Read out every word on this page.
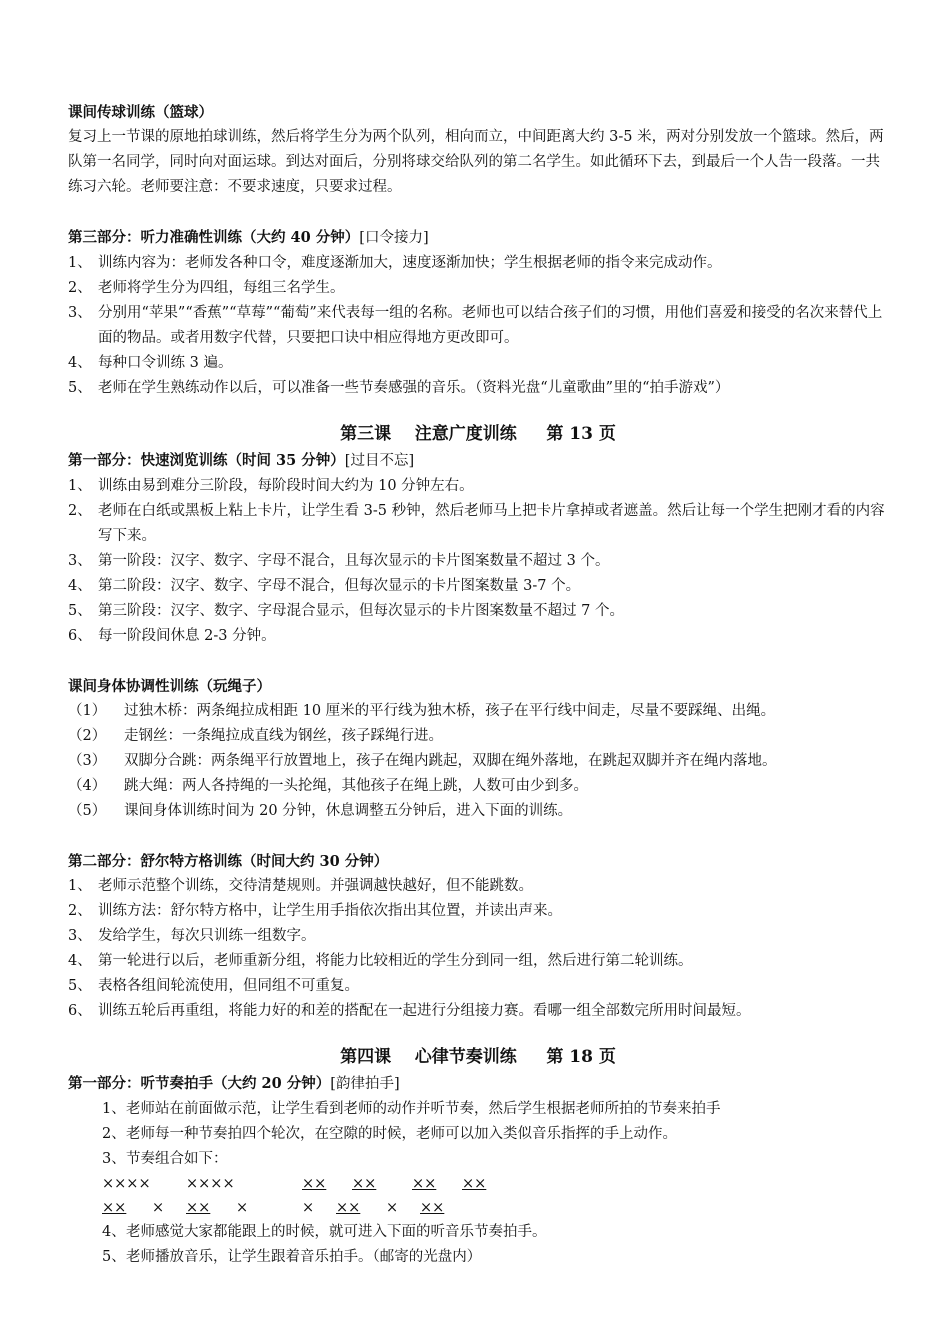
课间传球训练（篮球）
复习上一节课的原地拍球训练，然后将学生分为两个队列，相向而立，中间距离大约 3-5 米，两对分别发放一个篮球。然后，两队第一名同学，同时向对面运球。到达对面后，分别将球交给队列的第二名学生。如此循环下去，到最后一个人告一段落。一共练习六轮。老师要注意：不要求速度，只要求过程。
第三部分：听力准确性训练（大约 40 分钟）[口令接力]
1、 训练内容为：老师发各种口令，难度逐渐加大，速度逐渐加快；学生根据老师的指令来完成动作。
2、 老师将学生分为四组，每组三名学生。
3、 分别用“苹果”“香蕉”“草莓”“葡萄”来代表每一组的名称。老师也可以结合孩子们的习惯，用他们喜爱和接受的名次来替代上面的物品。或者用数字代替，只要把口诀中相应得地方更改即可。
4、 每种口令训练 3 遍。
5、 老师在学生熟练动作以后，可以准备一些节奏感强的音乐。（资料光盘“儿童歌曲”里的“拍手游戏”）
第三课 注意广度训练 第 13 页
第一部分：快速浏览训练（时间 35 分钟）[过目不忘]
1、 训练由易到难分三阶段，每阶段时间大约为 10 分钟左右。
2、 老师在白纸或黑板上粘上卡片，让学生看 3-5 秒钟，然后老师马上把卡片拿掉或者遮盖。然后让每一个学生把刚才看的内容写下来。
3、 第一阶段：汉字、数字、字母不混合，且每次显示的卡片图案数量不超过 3 个。
4、 第二阶段：汉字、数字、字母不混合，但每次显示的卡片图案数量 3-7 个。
5、 第三阶段：汉字、数字、字母混合显示，但每次显示的卡片图案数量不超过 7 个。
6、 每一阶段间休息 2-3 分钟。
课间身体协调性训练（玩绳子）
（1）	过独木桥：两条绳拉成相距 10 厘米的平行线为独木桥，孩子在平行线中间走，尽量不要踩绳、出绳。
（2）	走钢丝：一条绳拉成直线为钢丝，孩子踩绳行进。
（3）	双脚分合跳：两条绳平行放置地上，孩子在绳内跳起，双脚在绳外落地，在跳起双脚并齐在绳内落地。
（4）	跳大绳：两人各持绳的一头抡绳，其他孩子在绳上跳，人数可由少到多。
（5）	课间身体训练时间为 20 分钟，休息调整五分钟后，进入下面的训练。
第二部分：舒尔特方格训练（时间大约 30 分钟）
1、 老师示范整个训练，交待清楚规则。并强调越快越好，但不能跳数。
2、 训练方法：舒尔特方格中，让学生用手指依次指出其位置，并读出声来。
3、 发给学生，每次只训练一组数字。
4、 第一轮进行以后，老师重新分组，将能力比较相近的学生分到同一组，然后进行第二轮训练。
5、 表格各组间轮流使用，但同组不可重复。
6、 训练五轮后再重组，将能力好的和差的搭配在一起进行分组接力赛。看哪一组全部数完所用时间最短。
第四课 心律节奏训练 第 18 页
第一部分：听节奏拍手（大约 20 分钟）[韵律拍手]
1、 老师站在前面做示范，让学生看到老师的动作并听节奏，然后学生根据老师所拍的节奏来拍手
2、 老师每一种节奏拍四个轮次，在空隙的时候，老师可以加入类似音乐指挥的手上动作。
3、 节奏组合如下：
××××	××××	××	××	××	××
××	×	××	×	×	××	×	××
4、 老师感觉大家都能跟上的时候，就可进入下面的听音乐节奏拍手。
5、 老师播放音乐，让学生跟着音乐拍手。（邮寄的光盘内）
